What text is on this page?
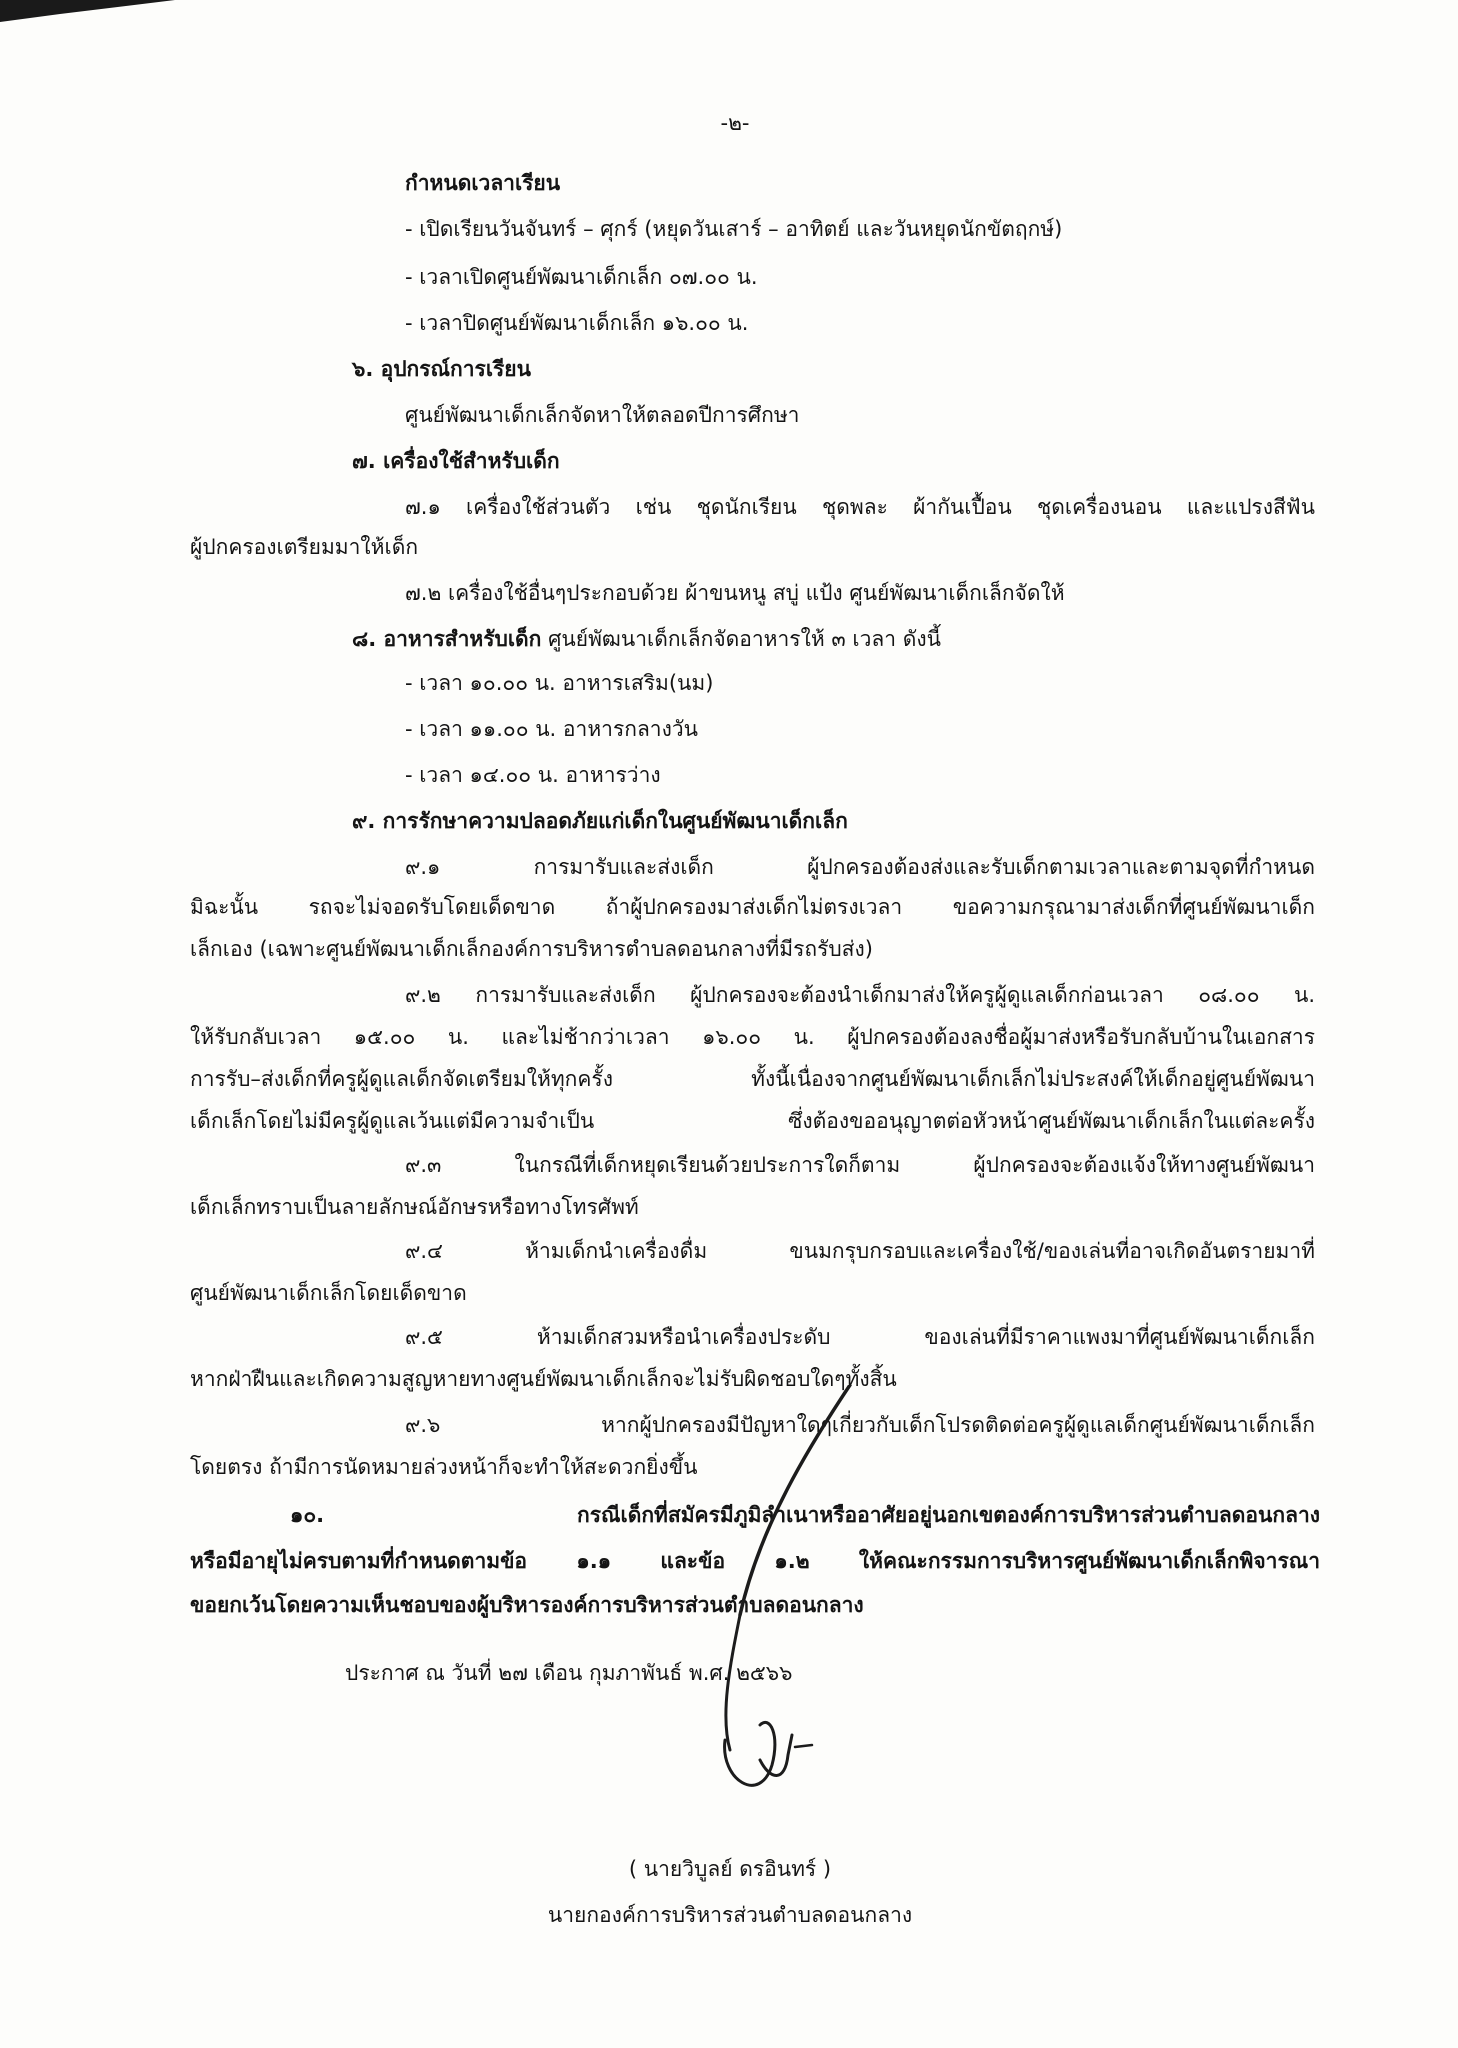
-๒-
กำหนดเวลาเรียน
- เปิดเรียนวันจันทร์ – ศุกร์ (หยุดวันเสาร์ – อาทิตย์ และวันหยุดนักขัตฤกษ์)
- เวลาเปิดศูนย์พัฒนาเด็กเล็ก ๐๗.๐๐ น.
- เวลาปิดศูนย์พัฒนาเด็กเล็ก ๑๖.๐๐ น.
๖. อุปกรณ์การเรียน
ศูนย์พัฒนาเด็กเล็กจัดหาให้ตลอดปีการศึกษา
๗. เครื่องใช้สำหรับเด็ก
๗.๑ เครื่องใช้ส่วนตัว เช่น ชุดนักเรียน ชุดพละ ผ้ากันเปื้อน ชุดเครื่องนอน และแปรงสีฟัน
ผู้ปกครองเตรียมมาให้เด็ก
๗.๒ เครื่องใช้อื่นๆประกอบด้วย ผ้าขนหนู สบู่ แป้ง ศูนย์พัฒนาเด็กเล็กจัดให้
๘. อาหารสำหรับเด็ก ศูนย์พัฒนาเด็กเล็กจัดอาหารให้ ๓ เวลา ดังนี้
- เวลา ๑๐.๐๐ น. อาหารเสริม(นม)
- เวลา ๑๑.๐๐ น. อาหารกลางวัน
- เวลา ๑๔.๐๐ น. อาหารว่าง
๙. การรักษาความปลอดภัยแก่เด็กในศูนย์พัฒนาเด็กเล็ก
๙.๑ การมารับและส่งเด็ก ผู้ปกครองต้องส่งและรับเด็กตามเวลาและตามจุดที่กำหนด
มิฉะนั้น รถจะไม่จอดรับโดยเด็ดขาด ถ้าผู้ปกครองมาส่งเด็กไม่ตรงเวลา ขอความกรุณามาส่งเด็กที่ศูนย์พัฒนาเด็ก
เล็กเอง (เฉพาะศูนย์พัฒนาเด็กเล็กองค์การบริหารตำบลดอนกลางที่มีรถรับส่ง)
๙.๒ การมารับและส่งเด็ก ผู้ปกครองจะต้องนำเด็กมาส่งให้ครูผู้ดูแลเด็กก่อนเวลา ๐๘.๐๐ น.
ให้รับกลับเวลา ๑๕.๐๐ น. และไม่ช้ากว่าเวลา ๑๖.๐๐ น. ผู้ปกครองต้องลงชื่อผู้มาส่งหรือรับกลับบ้านในเอกสาร
การรับ–ส่งเด็กที่ครูผู้ดูแลเด็กจัดเตรียมให้ทุกครั้ง ทั้งนี้เนื่องจากศูนย์พัฒนาเด็กเล็กไม่ประสงค์ให้เด็กอยู่ศูนย์พัฒนา
เด็กเล็กโดยไม่มีครูผู้ดูแลเว้นแต่มีความจำเป็น ซึ่งต้องขออนุญาตต่อหัวหน้าศูนย์พัฒนาเด็กเล็กในแต่ละครั้ง
๙.๓ ในกรณีที่เด็กหยุดเรียนด้วยประการใดก็ตาม ผู้ปกครองจะต้องแจ้งให้ทางศูนย์พัฒนา
เด็กเล็กทราบเป็นลายลักษณ์อักษรหรือทางโทรศัพท์
๙.๔ ห้ามเด็กนำเครื่องดื่ม ขนมกรุบกรอบและเครื่องใช้/ของเล่นที่อาจเกิดอันตรายมาที่
ศูนย์พัฒนาเด็กเล็กโดยเด็ดขาด
๙.๕ ห้ามเด็กสวมหรือนำเครื่องประดับ ของเล่นที่มีราคาแพงมาที่ศูนย์พัฒนาเด็กเล็ก
หากฝ่าฝืนและเกิดความสูญหายทางศูนย์พัฒนาเด็กเล็กจะไม่รับผิดชอบใดๆทั้งสิ้น
๙.๖ หากผู้ปกครองมีปัญหาใดๆเกี่ยวกับเด็กโปรดติดต่อครูผู้ดูแลเด็กศูนย์พัฒนาเด็กเล็ก
โดยตรง ถ้ามีการนัดหมายล่วงหน้าก็จะทำให้สะดวกยิ่งขึ้น
๑๐. กรณีเด็กที่สมัครมีภูมิลำเนาหรืออาศัยอยู่นอกเขตองค์การบริหารส่วนตำบลดอนกลาง
หรือมีอายุไม่ครบตามที่กำหนดตามข้อ ๑.๑ และข้อ ๑.๒ ให้คณะกรรมการบริหารศูนย์พัฒนาเด็กเล็กพิจารณา
ขอยกเว้นโดยความเห็นชอบของผู้บริหารองค์การบริหารส่วนตำบลดอนกลาง
ประกาศ ณ วันที่ ๒๗ เดือน กุมภาพันธ์ พ.ศ. ๒๕๖๖
( นายวิบูลย์ ดรอินทร์ )
นายกองค์การบริหารส่วนตำบลดอนกลาง
